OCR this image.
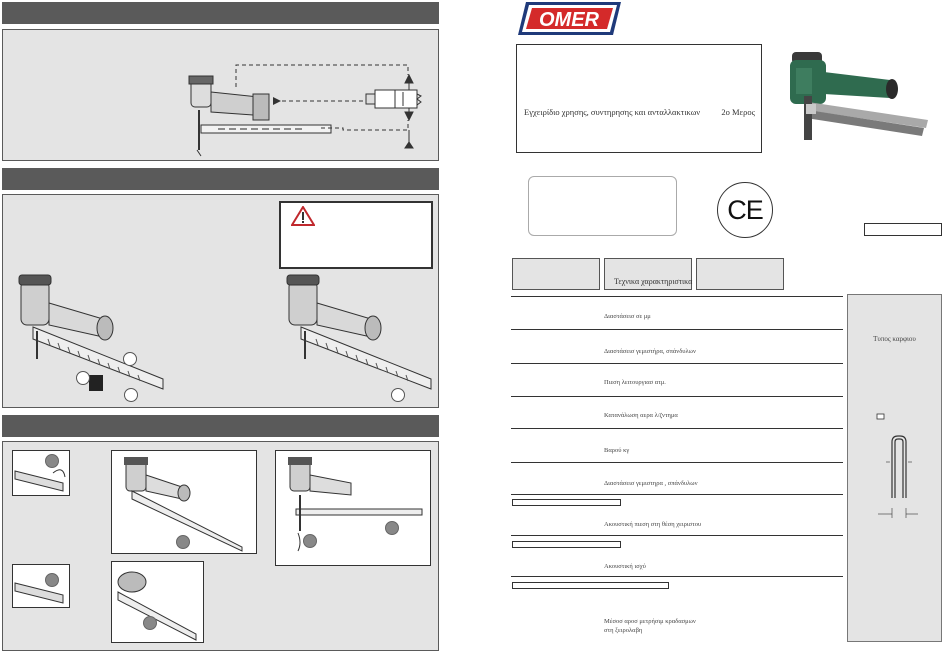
OMER
Εγχειρίδιο χρησης, συντηρησης και ανταλλακτικων 2ο Μερος
CE
Τεχνικα χαρακτηριστικα
Διαστάσεισ σε μμ
Διαστάσεισ γεμιστήρα, σπάνδυλων
Πιεση λειτουργιασ ατμ.
Κατανάλωση αερα λ/ζντημα
Βαρού κγ
Διαστάσεισ γεμιστηρα , σπάνδυλων
Ακουστική πιεση στη θέση χειριστου
Ακουστική ισχύ
Μέσοσ αροσ μετρήσιμ κραδασμων
στη ξειρολαβη
Τυπος καρφιου
